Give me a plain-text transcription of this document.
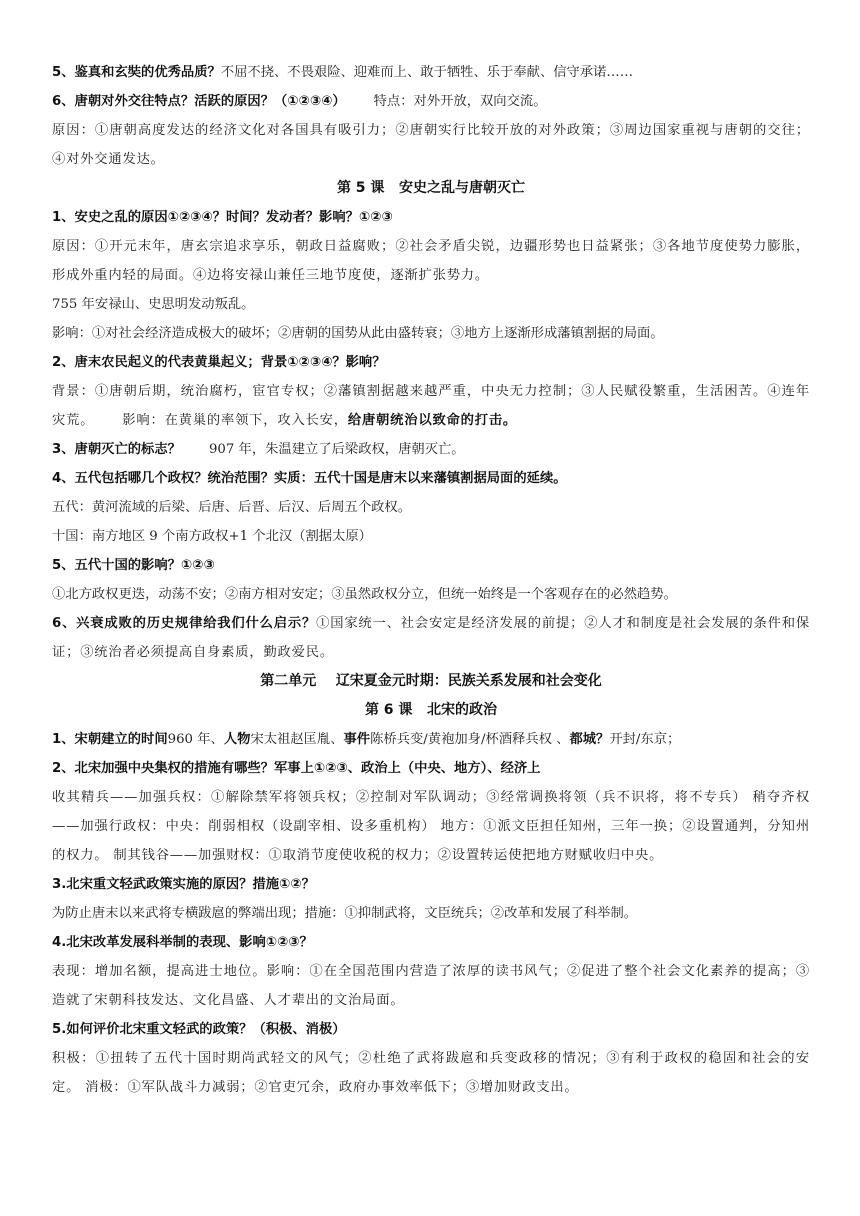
5、鉴真和玄奘的优秀品质？不屈不挠、不畏艰险、迎难而上、敢于牺牲、乐于奉献、信守承诺……
6、唐朝对外交往特点？活跃的原因？（①②③④） 特点：对外开放，双向交流。
原因：①唐朝高度发达的经济文化对各国具有吸引力；②唐朝实行比较开放的对外政策；③周边国家重视与唐朝的交往；④对外交通发达。
第 5 课   安史之乱与唐朝灭亡
1、安史之乱的原因①②③④？时间？发动者？影响？①②③
原因：①开元末年，唐玄宗追求享乐，朝政日益腐败；②社会矛盾尖锐，边疆形势也日益紧张；③各地节度使势力膨胀，形成外重内轻的局面。④边将安禄山兼任三地节度使，逐渐扩张势力。
755 年安禄山、史思明发动叛乱。
影响：①对社会经济造成极大的破坏；②唐朝的国势从此由盛转衰；③地方上逐渐形成藩镇割据的局面。
2、唐末农民起义的代表黄巢起义；背景①②③④？影响？
背景：①唐朝后期，统治腐朽，宦官专权；②藩镇割据越来越严重，中央无力控制；③人民赋役繁重，生活困苦。④连年灾荒。 影响：在黄巢的率领下，攻入长安，给唐朝统治以致命的打击。
3、唐朝灭亡的标志？ 907 年，朱温建立了后梁政权，唐朝灭亡。
4、五代包括哪几个政权？统治范围？实质：五代十国是唐末以来藩镇割据局面的延续。
五代：黄河流域的后梁、后唐、后晋、后汉、后周五个政权。
十国：南方地区 9 个南方政权+1 个北汉（割据太原）
5、五代十国的影响？①②③
①北方政权更迭，动荡不安；②南方相对安定；③虽然政权分立，但统一始终是一个客观存在的必然趋势。
6、兴衰成败的历史规律给我们什么启示？①国家统一、社会安定是经济发展的前提；②人才和制度是社会发展的条件和保证；③统治者必须提高自身素质，勤政爱民。
第二单元    辽宋夏金元时期：民族关系发展和社会变化
第 6 课   北宋的政治
1、宋朝建立的时间960 年、人物宋太祖赵匡胤、事件陈桥兵变/黄袍加身/杯酒释兵权 、都城？开封/东京；
2、北宋加强中央集权的措施有哪些？军事上①②③、政治上（中央、地方）、经济上
收其精兵——加强兵权：①解除禁军将领兵权；②控制对军队调动；③经常调换将领（兵不识将，将不专兵） 稍夺齐权——加强行政权：中央：削弱相权（设副宰相、设多重机构） 地方：①派文臣担任知州，三年一换；②设置通判，分知州的权力。 制其钱谷——加强财权：①取消节度使收税的权力；②设置转运使把地方财赋收归中央。
3.北宋重文轻武政策实施的原因？措施①②？
为防止唐末以来武将专横跋扈的弊端出现；措施：①抑制武将，文臣统兵；②改革和发展了科举制。
4.北宋改革发展科举制的表现、影响①②③？
表现：增加名额，提高进士地位。影响：①在全国范围内营造了浓厚的读书风气；②促进了整个社会文化素养的提高；③造就了宋朝科技发达、文化昌盛、人才辈出的文治局面。
5.如何评价北宋重文轻武的政策？（积极、消极）
积极：①扭转了五代十国时期尚武轻文的风气；②杜绝了武将跋扈和兵变政移的情况；③有利于政权的稳固和社会的安定。 消极：①军队战斗力减弱；②官吏冗余，政府办事效率低下；③增加财政支出。
